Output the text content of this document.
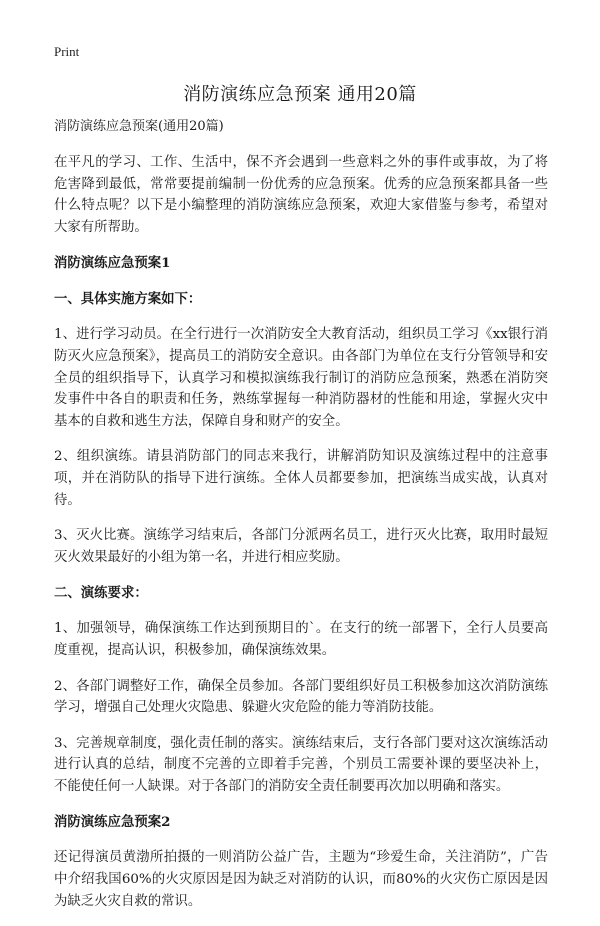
Print
消防演练应急预案 通用20篇
消防演练应急预案(通用20篇)

在平凡的学习、工作、生活中，保不齐会遇到一些意料之外的事件或事故，为了将危害降到最低，常常要提前编制一份优秀的应急预案。优秀的应急预案都具备一些什么特点呢？以下是小编整理的消防演练应急预案，欢迎大家借鉴与参考，希望对大家有所帮助。

消防演练应急预案1
一、具体实施方案如下：

1、进行学习动员。在全行进行一次消防安全大教育活动，组织员工学习《xx银行消防灭火应急预案》，提高员工的消防安全意识。由各部门为单位在支行分管领导和安全员的组织指导下，认真学习和模拟演练我行制订的消防应急预案，熟悉在消防突发事件中各自的职责和任务，熟练掌握每一种消防器材的性能和用途，掌握火灾中基本的自救和逃生方法，保障自身和财产的安全。

2、组织演练。请县消防部门的同志来我行，讲解消防知识及演练过程中的注意事项，并在消防队的指导下进行演练。全体人员都要参加，把演练当成实战，认真对待。

3、灭火比赛。演练学习结束后，各部门分派两名员工，进行灭火比赛，取用时最短灭火效果最好的小组为第一名，并进行相应奖励。

二、演练要求：

1、加强领导，确保演练工作达到预期目的`。在支行的统一部署下，全行人员要高度重视，提高认识，积极参加，确保演练效果。

2、各部门调整好工作，确保全员参加。各部门要组织好员工积极参加这次消防演练学习，增强自己处理火灾隐患、躲避火灾危险的能力等消防技能。

3、完善规章制度，强化责任制的落实。演练结束后，支行各部门要对这次演练活动进行认真的总结，制度不完善的立即着手完善，个别员工需要补课的要坚决补上，不能使任何一人缺课。对于各部门的消防安全责任制要再次加以明确和落实。

消防演练应急预案2

还记得演员黄渤所拍摄的一则消防公益广告，主题为“珍爱生命，关注消防”，广告中介绍我国60%的火灾原因是因为缺乏对消防的认识，而80%的火灾伤亡原因是因为缺乏火灾自救的常识。
